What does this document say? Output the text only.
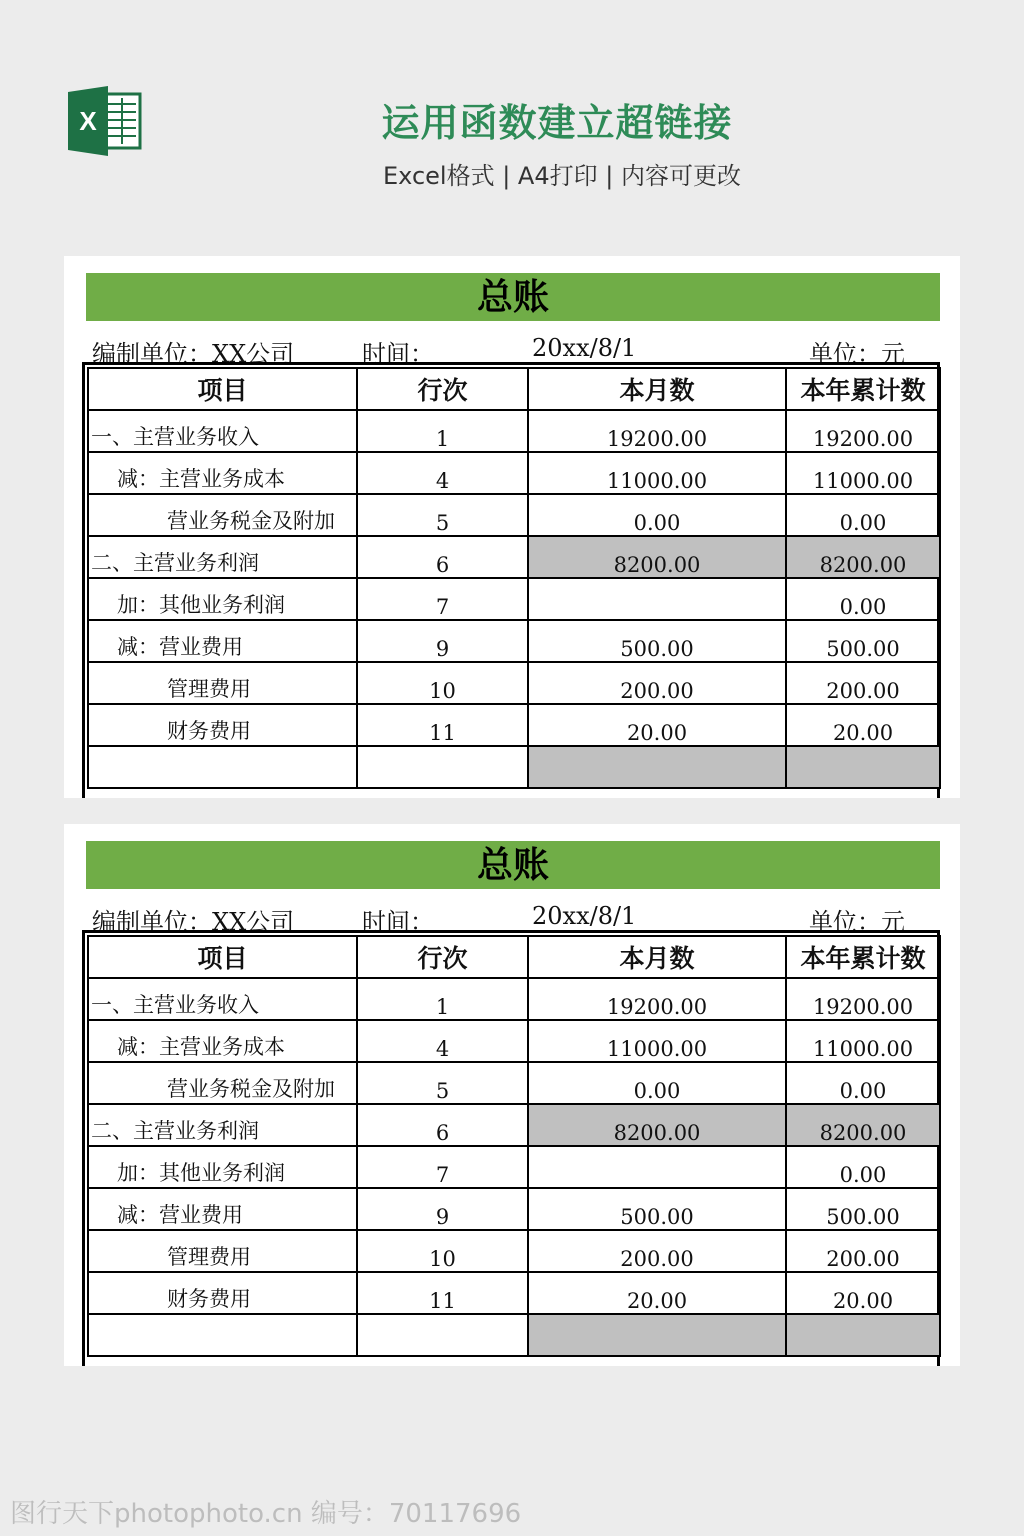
X	运用函数建立超链接
Excel格式 | A4打印 | 内容可更改
总账
编制单位：XX公司	时间：	20xx/8/1	单位：元
项目	行次	本月数	本年累计数
一、主营业务收入	1	19200.00	19200.00
减：主营业务成本	4	11000.00	11000.00
营业务税金及附加	5	0.00	0.00
二、主营业务利润	6	8200.00	8200.00
加：其他业务利润	7		0.00
减：营业费用	9	500.00	500.00
管理费用	10	200.00	200.00
财务费用	11	20.00	20.00

总账
编制单位：XX公司	时间：	20xx/8/1	单位：元
项目	行次	本月数	本年累计数
一、主营业务收入	1	19200.00	19200.00
减：主营业务成本	4	11000.00	11000.00
营业务税金及附加	5	0.00	0.00
二、主营业务利润	6	8200.00	8200.00
加：其他业务利润	7		0.00
减：营业费用	9	500.00	500.00
管理费用	10	200.00	200.00
财务费用	11	20.00	20.00

图行天下photophoto.cn 编号：70117696
